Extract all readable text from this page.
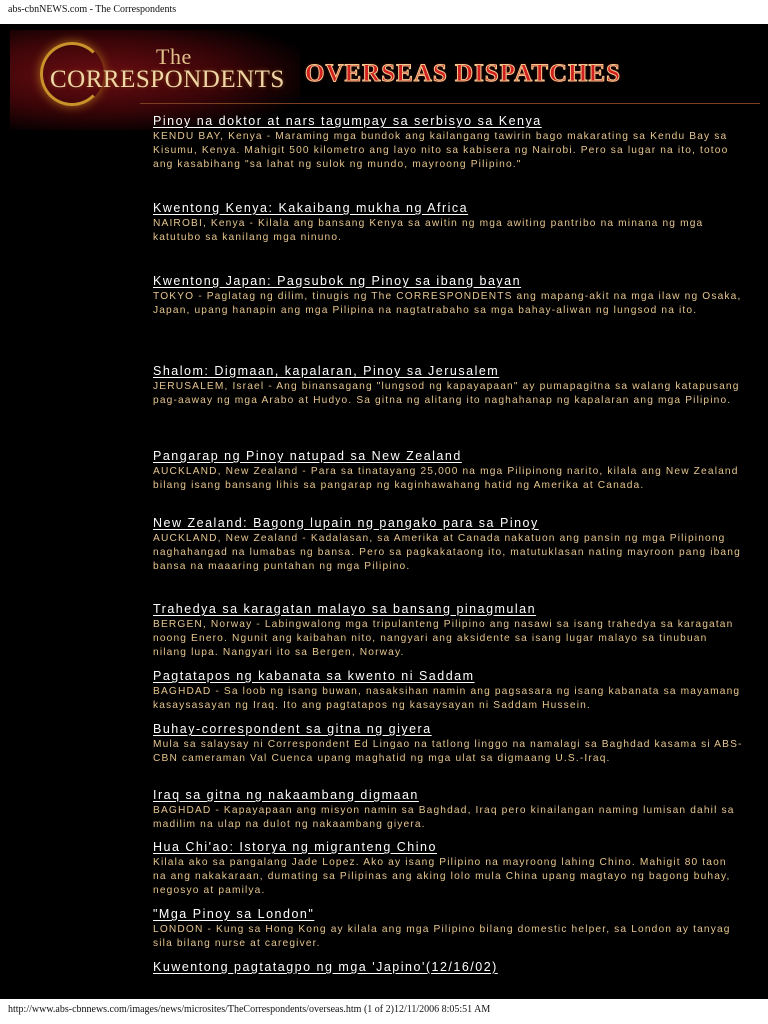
abs-cbnNEWS.com - The Correspondents
The
CORRESPONDENTS OVERSEAS DISPATCHES
Pinoy na doktor at nars tagumpay sa serbisyo sa Kenya
KENDU BAY, Kenya - Maraming mga bundok ang kailangang tawirin bago makarating sa Kendu Bay sa Kisumu, Kenya. Mahigit 500 kilometro ang layo nito sa kabisera ng Nairobi. Pero sa lugar na ito, totoo ang kasabihang "sa lahat ng sulok ng mundo, mayroong Pilipino."
Kwentong Kenya: Kakaibang mukha ng Africa
NAIROBI, Kenya - Kilala ang bansang Kenya sa awitin ng mga awiting pantribo na minana ng mga katutubo sa kanilang mga ninuno.
Kwentong Japan: Pagsubok ng Pinoy sa ibang bayan
TOKYO - Paglatag ng dilim, tinugis ng The CORRESPONDENTS ang mapang-akit na mga ilaw ng Osaka, Japan, upang hanapin ang mga Pilipina na nagtatrabaho sa mga bahay-aliwan ng lungsod na ito.
Shalom: Digmaan, kapalaran, Pinoy sa Jerusalem
JERUSALEM, Israel - Ang binansagang "lungsod ng kapayapaan" ay pumapagitna sa walang katapusang pag-aaway ng mga Arabo at Hudyo. Sa gitna ng alitang ito naghahanap ng kapalaran ang mga Pilipino.
Pangarap ng Pinoy natupad sa New Zealand
AUCKLAND, New Zealand - Para sa tinatayang 25,000 na mga Pilipinong narito, kilala ang New Zealand bilang isang bansang lihis sa pangarap ng kaginhawahang hatid ng Amerika at Canada.
New Zealand: Bagong lupain ng pangako para sa Pinoy
AUCKLAND, New Zealand - Kadalasan, sa Amerika at Canada nakatuon ang pansin ng mga Pilipinong naghahangad na lumabas ng bansa. Pero sa pagkakataong ito, matutuklasan nating mayroon pang ibang bansa na maaaring puntahan ng mga Pilipino.
Trahedya sa karagatan malayo sa bansang pinagmulan
BERGEN, Norway - Labingwalong mga tripulanteng Pilipino ang nasawi sa isang trahedya sa karagatan noong Enero. Ngunit ang kaibahan nito, nangyari ang aksidente sa isang lugar malayo sa tinubuan nilang lupa. Nangyari ito sa Bergen, Norway.
Pagtatapos ng kabanata sa kwento ni Saddam
BAGHDAD - Sa loob ng isang buwan, nasaksihan namin ang pagsasara ng isang kabanata sa mayamang kasaysasayan ng Iraq. Ito ang pagtatapos ng kasaysayan ni Saddam Hussein.
Buhay-correspondent sa gitna ng giyera
Mula sa salaysay ni Correspondent Ed Lingao na tatlong linggo na namalagi sa Baghdad kasama si ABS-CBN cameraman Val Cuenca upang maghatid ng mga ulat sa digmaang U.S.-Iraq.
Iraq sa gitna ng nakaambang digmaan
BAGHDAD - Kapayapaan ang misyon namin sa Baghdad, Iraq pero kinailangan naming lumisan dahil sa madilim na ulap na dulot ng nakaambang giyera.
Hua Chi'ao: Istorya ng migranteng Chino
Kilala ako sa pangalang Jade Lopez. Ako ay isang Pilipino na mayroong lahing Chino. Mahigit 80 taon na ang nakakaraan, dumating sa Pilipinas ang aking lolo mula China upang magtayo ng bagong buhay, negosyo at pamilya.
"Mga Pinoy sa London"
LONDON - Kung sa Hong Kong ay kilala ang mga Pilipino bilang domestic helper, sa London ay tanyag sila bilang nurse at caregiver.
Kuwentong pagtatagpo ng mga 'Japino'(12/16/02)
http://www.abs-cbnnews.com/images/news/microsites/TheCorrespondents/overseas.htm (1 of 2)12/11/2006 8:05:51 AM
